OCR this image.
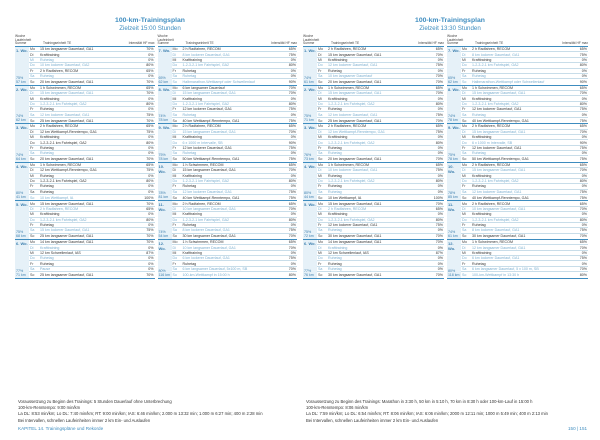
100-km-Trainingsplan
Zielzeit 15:00 Stunden
Woche Laufeinheit Summe	Trainingseinheit TE	Intensität HF max
1. Wo.
75%
57 km
Mo	15 km langsamer Dauerlauf, GA1	70%
Di	Krafttraining	0%
Mi	Ruhetag	0%
Do	10 km lockerer Dauerlauf, GA2	80%
Fr	2 h Radfahren, RECOM	65%
Sa	Ruhetag	0%
So	20 km langsamer Dauerlauf, GA1	70%
2. Wo.
74%
62 km
Mo	1 h Schwimmen, RECOM	65%
Di	15 km langsamer Dauerlauf, GA1	70%
Mi	Krafttraining	0%
Do	1-2-3-2-1 km Fahrtspiel, GA2	80%
Fr	Ruhetag	0%
Sa	12 km lockerer Dauerlauf, GA1	75%
So	25 km langsamer Dauerlauf, GA1	70%
3. Wo.
74%
64 km
Mo	2 h Radfahren, RECOM	65%
Di	12 km Wettkampf-Renntempo, GA1	75%
Mi	Krafttraining	0%
Do	1-2-3-2-1 km Fahrtspiel, GA2	80%
Fr	Ruhetag	0%
Sa	Ruhetag	0%
So	20 km langsamer Dauerlauf, GA1	70%
4. Wo.
80%
41 km
Mo	1 h Schwimmen, RECOM	65%
Di	12 km Wettkampf-Renntempo, GA1	75%
Mi	Ruhetag	0%
Do	1-2-3-2-1 km Fahrtspiel, GA2	80%
Fr	Ruhetag	0%
Sa	Ruhetag	0%
So	10 km Wettkampf, IA	100%
5. Wo.
75%
68 km
Mo	15 km langsamer Dauerlauf, GA1	70%
Di	2 h Radfahren, RECOM	65%
Mi	Krafttraining	0%
Do	1-2-3-2-1 km Fahrtspiel, GA2	80%
Fr	Ruhetag	0%
Sa	15 km lockerer Dauerlauf, GA1	75%
So	25 km langsamer Dauerlauf, GA1	70%
6. Wo.
77%
71 km
Mo	14 km langsamer Dauerlauf, GA1	70%
Di	Krafttraining	0%
Mi	12 km Schwellenlauf, IAS	87%
Do	Ruhetag	0%
Fr	Ruhetag	0%
Sa	Pause	0%
So	25 km langsamer Dauerlauf, GA1	70%
Woche Laufeinheit Summe	Trainingseinheit TE	Intensität HF max
7. Wo.
65%
62 km
Mo	2 h Radfahren, RECOM	65%
Di	8 km lockerer Dauerlauf, GA1	75%
Mi	Krafttraining	0%
Do	1-2-3-2-1 km Fahrtspiel, GA2	80%
Fr	Ruhetag	0%
Sa	Ruhetag	0%
So	Halbmarathon-Wettkampf oder Schwellenlauf	90%
8. Wo.
74%
78 km
Mo	6 km langsamer Dauerlauf	70%
Di	15 km langsamer Dauerlauf, GA1	70%
Mi	Krafttraining	0%
Do	1-2-3-2-1 km Fahrtspiel, GA2	80%
Fr	12 km lockerer Dauerlauf, GA1	75%
Sa	Ruhetag	0%
So	40 km Wettkampf-Renntempo, GA1	75%
9. Wo.
75%
78 km
Mo	2 h Radfahren, RECOM	65%
Di	15 km langsamer Dauerlauf, GA1	70%
Mi	Krafttraining	0%
Do	6 x 1000 m Intervalle, SB	90%
Fr	12 km lockerer Dauerlauf, GA1	75%
Sa	Ruhetag	0%
So	50 km Wettkampf-Renntempo, GA1	75%
10. Wo.
78%
81 km
Mo	1 h Schwimmen, RECOM	65%
Di	15 km langsamer Dauerlauf, GA1	70%
Mi	Krafttraining	0%
Do	1-2-3-2-1 km Fahrtspiel, GA2	80%
Fr	Ruhetag	0%
Sa	12 km lockerer Dauerlauf, GA1	75%
So	40 km Wettkampf-Renntempo, GA1	75%
11. Wo.
74%
54 km
Mo	2 h Radfahren, RECOM	65%
Di	10 km langsamer Dauerlauf, GA1	70%
Mi	Krafttraining	0%
Do	1-2-3-2-1 km Fahrtspiel, GA2	80%
Fr	Ruhetag	0%
Sa	8 km lockerer Dauerlauf, GA1	75%
So	30 km langsamer Dauerlauf, GA1	70%
12. Wo.
80%
116 km
Mo	1 h Schwimmen, RECOM	65%
Di	10 km langsamer Dauerlauf, GA1	70%
Mi	Krafttraining	0%
Do	6 km lockerer Dauerlauf, GA1	75%
Fr	Ruhetag	0%
Sa	6 km langsamer Dauerlauf, 5x100 m, SB	70%
So	100-km-Wettkampf in 15:00 h	80%
Voraussetzung zu Beginn des Trainings: 5 Stunden Dauerlauf ohne Unterbrechung
100-km-Renntempo: 9:00 min/km
La DL: 8:53 min/km; Lo DL: 7:40 min/km; RT: 9:00 min/km; IAS: 6:46 min/km; 2.000 m 13:32 min; 1.000 m 6:27 min; 400 m 2:28 min
Bei Intervallen, schnellen Laufeinheiten immer 2 km Ein- und Auslaufen
KAPITEL 14. Trainingspläne und Rekorde
100-km-Trainingsplan
Zielzeit 13:30 Stunden
Woche Laufeinheit Summe	Trainingseinheit TE	Intensität HF max
1. Wo.
74%
61 km
Mo	2 h Radfahren, RECOM	65%
Di	15 km langsamer Dauerlauf, GA1	70%
Mi	Krafttraining	0%
Do	12 km lockerer Dauerlauf, GA1	75%
Fr	Ruhetag	0%
Sa	10 km langsamer Dauerlauf	70%
So	20 km langsamer Dauerlauf, GA1	70%
2. Wo.
75%
71 km
Mo	1 h Schwimmen, RECOM	65%
Di	15 km langsamer Dauerlauf, GA1	70%
Mi	Krafttraining	0%
Do	1-2-3-2-1 km Fahrtspiel, GA2	80%
Fr	Ruhetag	0%
Sa	12 km lockerer Dauerlauf, GA1	75%
So	25 km langsamer Dauerlauf, GA1	70%
3. Wo.
76%
73 km
Mo	2 h Radfahren, RECOM	65%
Di	12 km Wettkampf-Renntempo, GA1	75%
Mi	Krafttraining	0%
Do	1-2-3-2-1 km Fahrtspiel, GA2	80%
Fr	Ruhetag	0%
Sa	Ruhetag	0%
So	20 km langsamer Dauerlauf, GA1	70%
4. Wo.
80%
44 km
Mo	1 h Schwimmen, RECOM	65%
Di	10 km lockerer Dauerlauf, GA1	75%
Mi	Ruhetag	0%
Do	1-2-3-2-1 km Fahrtspiel, GA2	80%
Fr	Ruhetag	0%
Sa	Ruhetag	0%
So	10 km Wettkampf, IA	100%
5. Wo.
75%
72 km
Mo	15 km langsamer Dauerlauf, GA1	70%
Di	2 h Radfahren, RECOM	65%
Mi	Krafttraining	0%
Do	1-2-3-2-1 km Fahrtspiel, GA2	80%
Fr	12 km lockerer Dauerlauf, GA1	75%
Sa	Ruhetag	0%
So	30 km langsamer Dauerlauf, GA1	70%
6. Wo.
77%
76 km
Mo	14 km langsamer Dauerlauf, GA1	70%
Di	Krafttraining	0%
Mi	12 km Schwellenlauf, IAS	87%
Do	Ruhetag	0%
Fr	Ruhetag	0%
Sa	Ruhetag	0%
So	30 km langsamer Dauerlauf, GA1	70%
Woche Laufeinheit Summe	Trainingseinheit TE	Intensität HF max
7. Wo.
65%
62 km
Mo	2 h Radfahren, RECOM	65%
Di	8 km lockerer Dauerlauf, GA1	75%
Mi	Krafttraining	0%
Do	1-2-3-2-1 km Fahrtspiel, GA2	80%
Fr	Ruhetag	0%
Sa	Ruhetag	0%
So	Halbmarathon-Wettkampf oder Schwellenlauf	90%
8. Wo.
74%
78 km
Mo	1 h Schwimmen, RECOM	65%
Di	15 km langsamer Dauerlauf, GA1	70%
Mi	Krafttraining	0%
Do	1-2-3-2-1 km Fahrtspiel, GA2	80%
Fr	12 km lockerer Dauerlauf, GA1	75%
Sa	Ruhetag	0%
So	40 km Wettkampf-Renntempo, GA1	75%
9. Wo.
75%
78 km
Mo	2 h Radfahren, RECOM	65%
Di	15 km langsamer Dauerlauf, GA1	70%
Mi	Krafttraining	0%
Do	6 x 1000 m Intervalle, SB	90%
Fr	12 km lockerer Dauerlauf, GA1	75%
Sa	Ruhetag	0%
So	50 km Wettkampf-Renntempo, GA1	75%
10. Wo.
78%
85 km
Mo	2 h Radfahren, RECOM	65%
Di	15 km langsamer Dauerlauf, GA1	70%
Mi	Krafttraining	0%
Do	1-2-3-2-1 km Fahrtspiel, GA2	80%
Fr	Ruhetag	0%
Sa	12 km lockerer Dauerlauf, GA1	75%
So	40 km Wettkampf-Renntempo, GA1	75%
11. Wo.
74%
61 km
Mo	2 h Radfahren, RECOM	65%
Di	10 km langsamer Dauerlauf, GA1	70%
Mi	Krafttraining	0%
Do	1-2-3-2-1 km Fahrtspiel, GA2	80%
Fr	Ruhetag	0%
Sa	8 km lockerer Dauerlauf, GA1	75%
So	30 km langsamer Dauerlauf, GA1	70%
12. Wo.
80%
118 km
Mo	1 h Schwimmen, RECOM	65%
Di	12 km langsamer Dauerlauf, GA1	70%
Mi	Krafttraining	0%
Do	6 km lockerer Dauerlauf, GA1	75%
Fr	Ruhetag	0%
Sa	6 km langsamer Dauerlauf, 5 x 100 m, SB	70%
So	100-km-Wettkampf in 13:30 h	80%
Voraussetzung zu Beginn des Trainings: Marathon in 3:30 h, 50 km in 5:10 h, 70 km in 8:30 h oder 100-km-Lauf in 15:00 h
100-km-Renntempo: 8:06 min/km
La DL: 7:59 min/km; Lo DL: 6:54 min/km; RT: 8:06 min/km; IAS: 6:06 min/km; 2000 m 12:11 min; 1000 m 5:49 min; 400 m 2:13 min
Bei Intervallen, schnellen Laufeinheiten immer 2 km Ein- und Auslaufen
150 | 151
